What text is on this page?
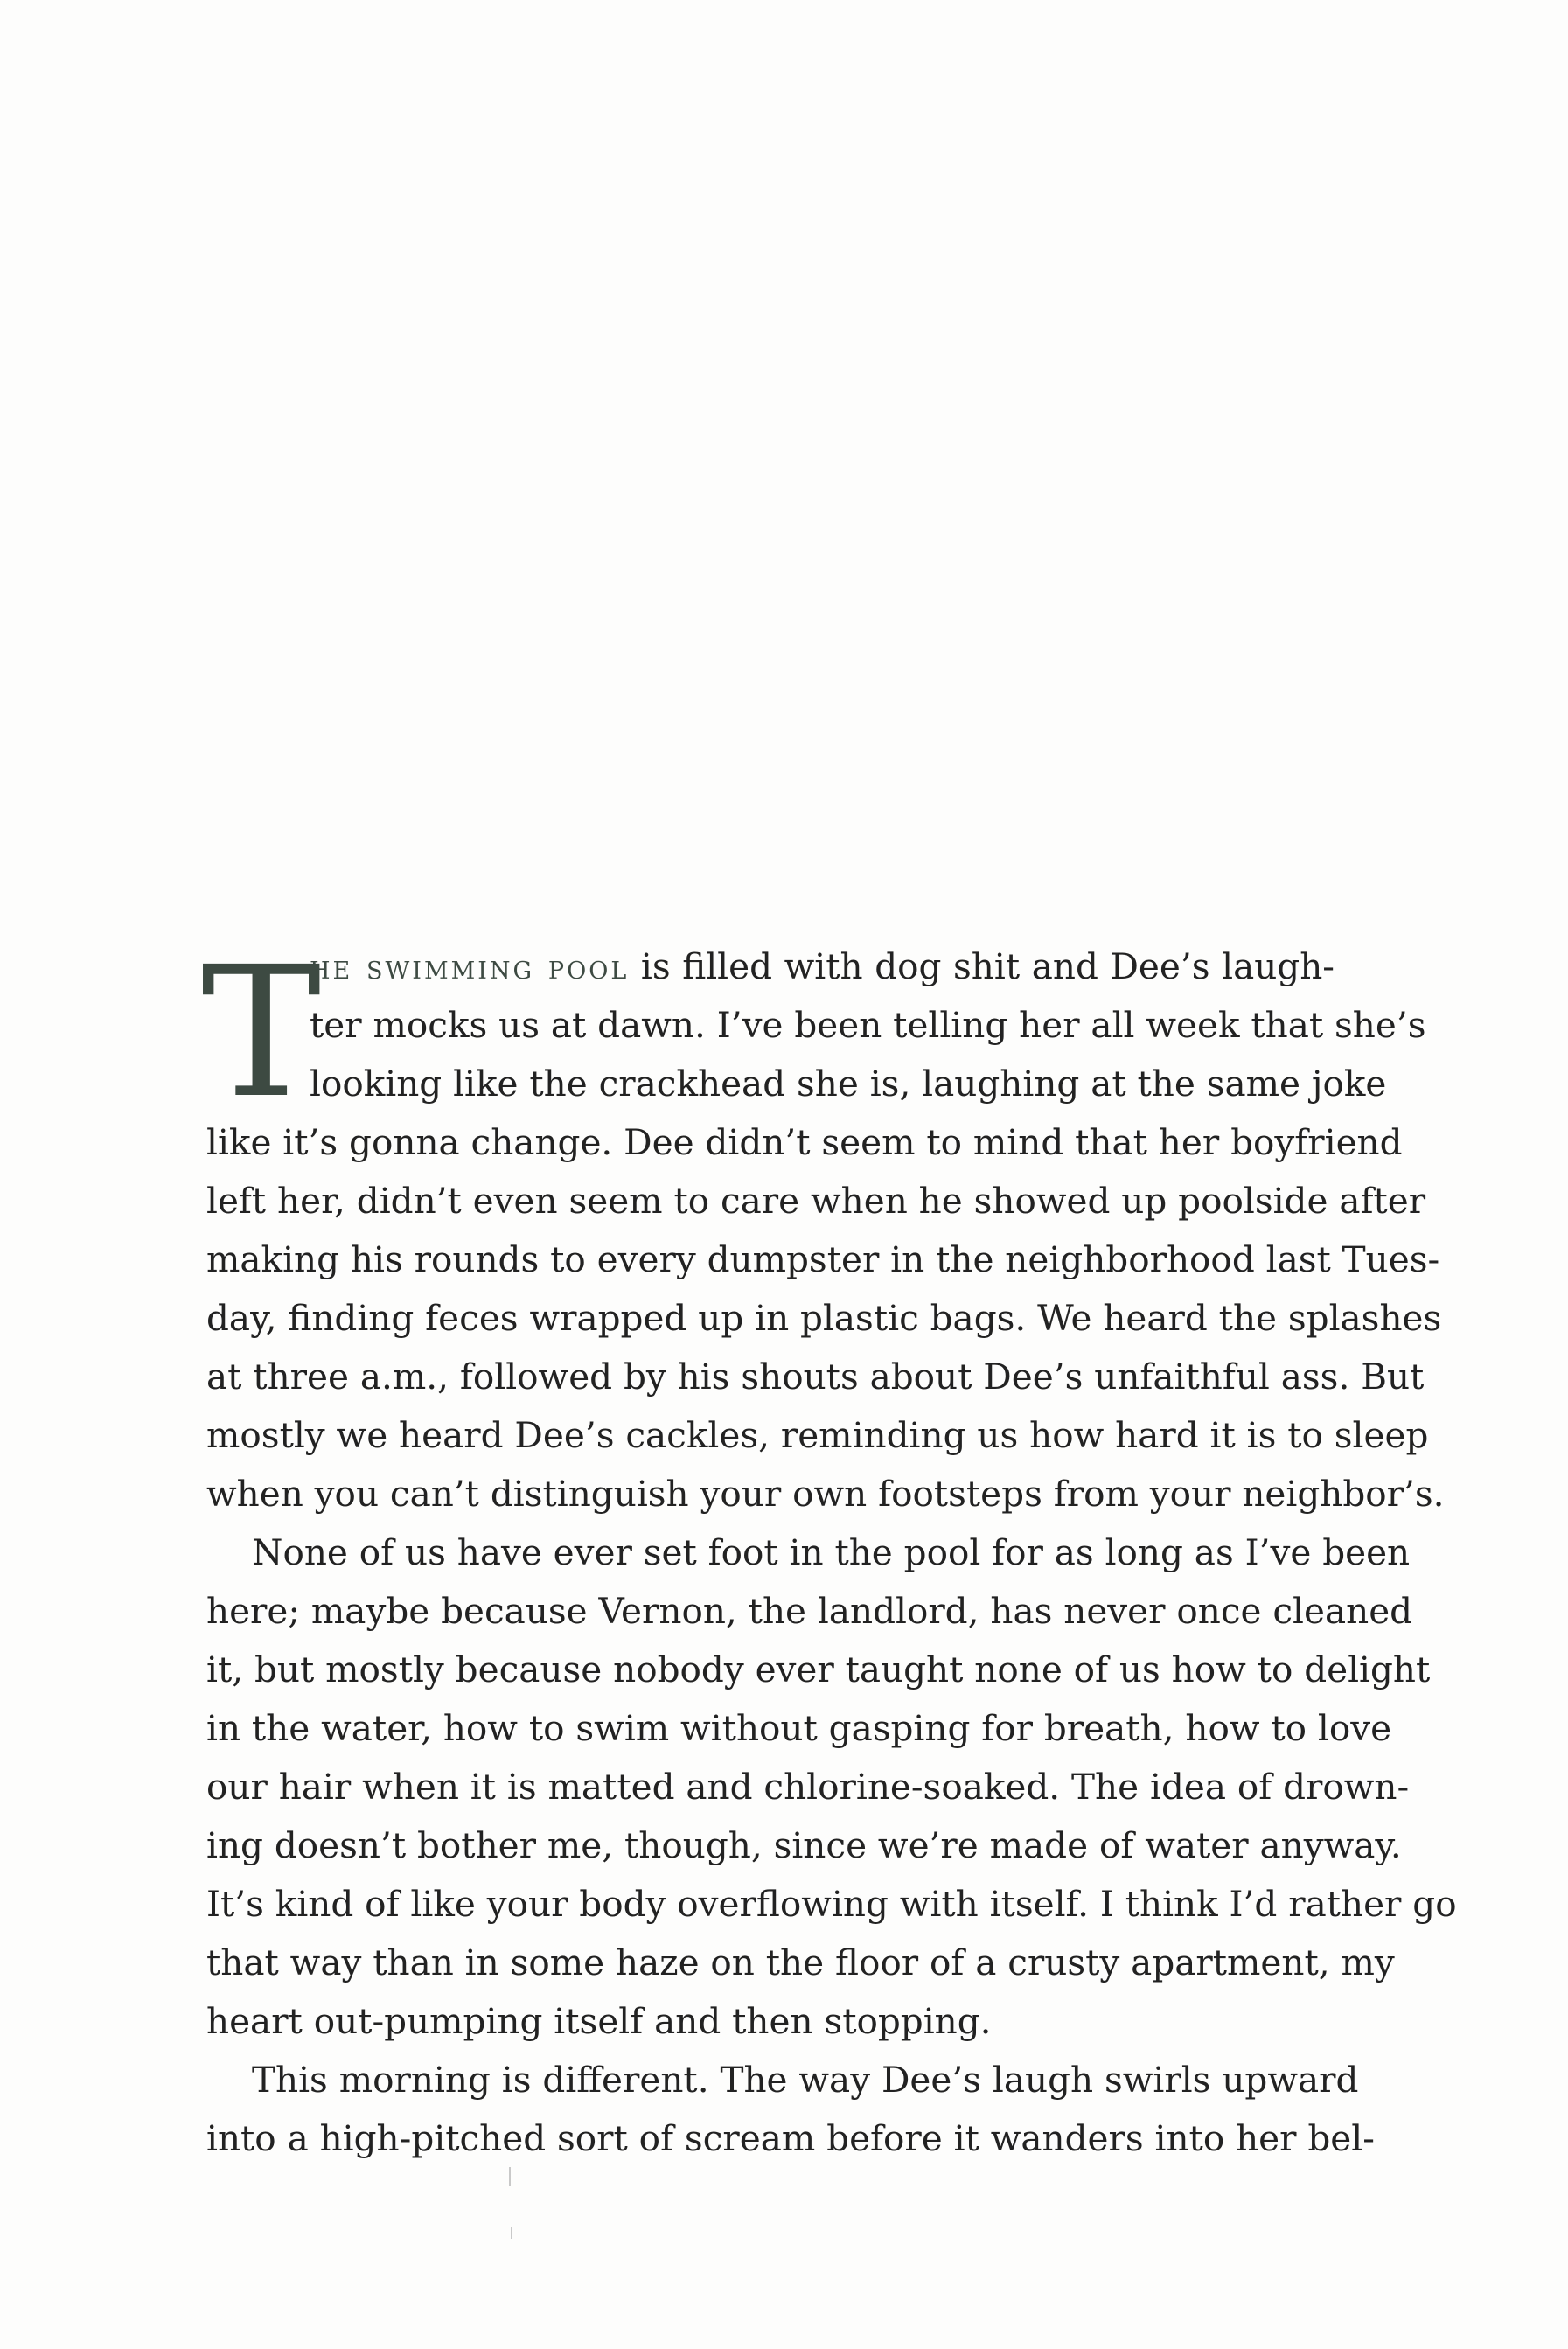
T
he swimming pool is filled with dog shit and Dee’s laugh-
ter mocks us at dawn. I’ve been telling her all week that she’s
looking like the crackhead she is, laughing at the same joke
like it’s gonna change. Dee didn’t seem to mind that her boyfriend
left her, didn’t even seem to care when he showed up poolside after
making his rounds to every dumpster in the neighborhood last Tues-
day, finding feces wrapped up in plastic bags. We heard the splashes
at three a.m., followed by his shouts about Dee’s unfaithful ass. But
mostly we heard Dee’s cackles, reminding us how hard it is to sleep
when you can’t distinguish your own footsteps from your neighbor’s.
None of us have ever set foot in the pool for as long as I’ve been
here; maybe because Vernon, the landlord, has never once cleaned
it, but mostly because nobody ever taught none of us how to delight
in the water, how to swim without gasping for breath, how to love
our hair when it is matted and chlorine-soaked. The idea of drown-
ing doesn’t bother me, though, since we’re made of water anyway.
It’s kind of like your body overflowing with itself. I think I’d rather go
that way than in some haze on the floor of a crusty apartment, my
heart out-pumping itself and then stopping.
This morning is different. The way Dee’s laugh swirls upward
into a high-pitched sort of scream before it wanders into her bel-
